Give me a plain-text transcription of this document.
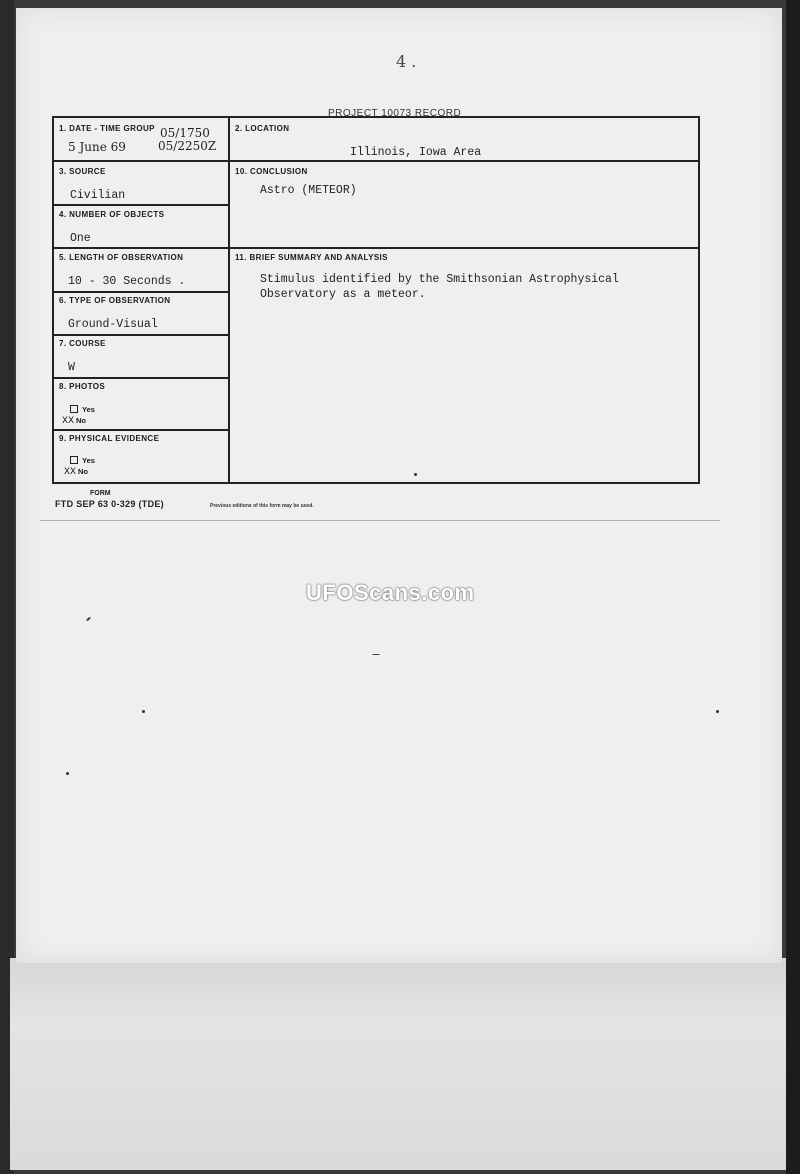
4 .
PROJECT 10073 RECORD
1. DATE - TIME GROUP 05/1750
5 June 69	05/2250Z
2. LOCATION
Illinois, Iowa Area
3. SOURCE
Civilian
4. NUMBER OF OBJECTS
One
5. LENGTH OF OBSERVATION
10 - 30 Seconds .
6. TYPE OF OBSERVATION
Ground-Visual
7. COURSE
W
8. PHOTOS
Yes
XX No
9. PHYSICAL EVIDENCE
Yes
XX No
10. CONCLUSION
Astro (METEOR)
11. BRIEF SUMMARY AND ANALYSIS
Stimulus identified by the Smithsonian Astrophysical
Observatory as a meteor.
FORM
FTD SEP 63 0-329 (TDE)	Previous editions of this form may be used.
UFOScans.com
